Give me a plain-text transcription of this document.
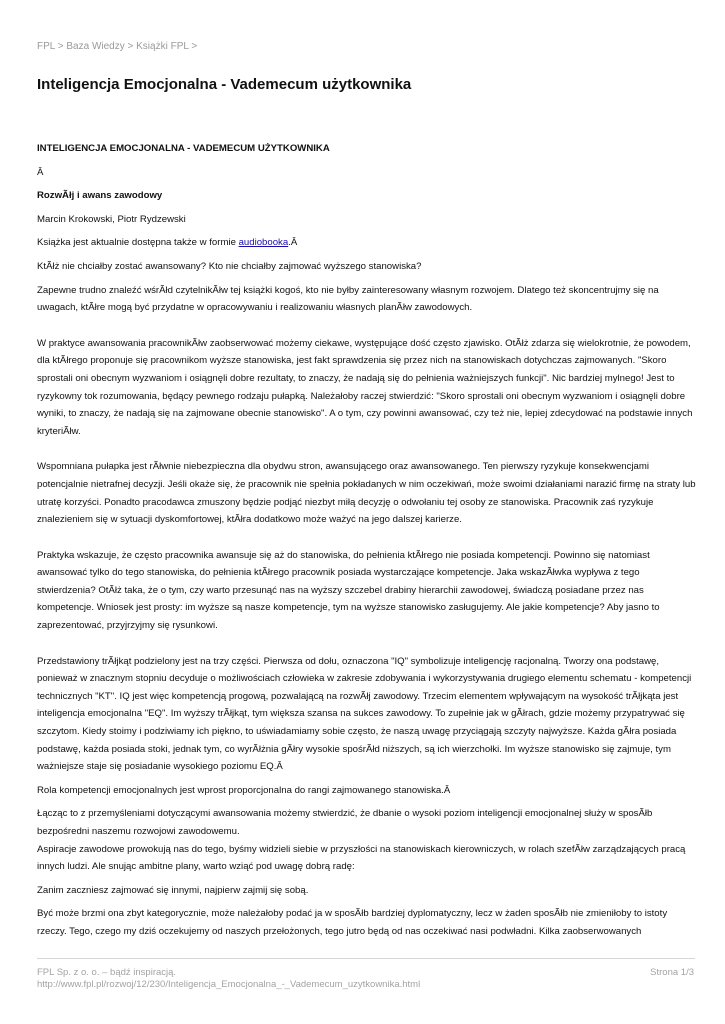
FPL > Baza Wiedzy > Książki FPL >
Inteligencja Emocjonalna - Vademecum użytkownika

INTELIGENCJA EMOCJONALNA - VADEMECUM UŻYTKOWNIKA

Â

RozwÃłj i awans zawodowy

Marcin Krokowski, Piotr Rydzewski

Książka jest aktualnie dostępna także w formie audiobooka.Â

KtÃłż nie chciałby zostać awansowany? Kto nie chciałby zajmować wyższego stanowiska?

Zapewne trudno znaleźć wśrÃłd czytelnikÃłw tej książki kogoś, kto nie byłby zainteresowany własnym rozwojem. Dlatego też skoncentrujmy się na uwagach, ktÃłre mogą być przydatne w opracowywaniu i realizowaniu własnych planÃłw zawodowych.

W praktyce awansowania pracownikÃłw zaobserwować możemy ciekawe, występujące dość często zjawisko. OtÃłż zdarza się wielokrotnie, że powodem, dla ktÃłrego proponuje się pracownikom wyższe stanowiska, jest fakt sprawdzenia się przez nich na stanowiskach dotychczas zajmowanych. "Skoro sprostali oni obecnym wyzwaniom i osiągnęli dobre rezultaty, to znaczy, że nadają się do pełnienia ważniejszych funkcji". Nic bardziej mylnego! Jest to ryzykowny tok rozumowania, będący pewnego rodzaju pułapką. Należałoby raczej stwierdzić: "Skoro sprostali oni obecnym wyzwaniom i osiągnęli dobre wyniki, to znaczy, że nadają się na zajmowane obecnie stanowisko". A o tym, czy powinni awansować, czy też nie, lepiej zdecydować na podstawie innych kryteriÃłw.

Wspomniana pułapka jest rÃłwnie niebezpieczna dla obydwu stron, awansującego oraz awansowanego. Ten pierwszy ryzykuje konsekwencjami potencjalnie nietrafnej decyzji. Jeśli okaże się, że pracownik nie spełnia pokładanych w nim oczekiwań, może swoimi działaniami narazić firmę na straty lub utratę korzyści. Ponadto pracodawca zmuszony będzie podjąć niezbyt miłą decyzję o odwołaniu tej osoby ze stanowiska. Pracownik zaś ryzykuje znalezieniem się w sytuacji dyskomfortowej, ktÃłra dodatkowo może ważyć na jego dalszej karierze.

Praktyka wskazuje, że często pracownika awansuje się aż do stanowiska, do pełnienia ktÃłrego nie posiada kompetencji. Powinno się natomiast awansować tylko do tego stanowiska, do pełnienia ktÃłrego pracownik posiada wystarczające kompetencje. Jaka wskazÃłwka wypływa z tego stwierdzenia? OtÃłż taka, że o tym, czy warto przesunąć nas na wyższy szczebel drabiny hierarchii zawodowej, świadczą posiadane przez nas kompetencje. Wniosek jest prosty: im wyższe są nasze kompetencje, tym na wyższe stanowisko zasługujemy. Ale jakie kompetencje? Aby jasno to zaprezentować, przyjrzyjmy się rysunkowi.

Przedstawiony trÃłjkąt podzielony jest na trzy części. Pierwsza od dołu, oznaczona "IQ" symbolizuje inteligencję racjonalną. Tworzy ona podstawę, ponieważ w znacznym stopniu decyduje o możliwościach człowieka w zakresie zdobywania i wykorzystywania drugiego elementu schematu - kompetencji technicznych "KT". IQ jest więc kompetencją progową, pozwalającą na rozwÃłj zawodowy. Trzecim elementem wpływającym na wysokość trÃłjkąta jest inteligencja emocjonalna "EQ". Im wyższy trÃłjkąt, tym większa szansa na sukces zawodowy. To zupełnie jak w gÃłrach, gdzie możemy przypatrywać się szczytom. Kiedy stoimy i podziwiamy ich piękno, to uświadamiamy sobie często, że naszą uwagę przyciągają szczyty najwyższe. Każda gÃłra posiada podstawę, każda posiada stoki, jednak tym, co wyrÃłżnia gÃłry wysokie spośrÃłd niższych, są ich wierzchołki. Im wyższe stanowisko się zajmuje, tym ważniejsze staje się posiadanie wysokiego poziomu EQ.Â

Rola kompetencji emocjonalnych jest wprost proporcjonalna do rangi zajmowanego stanowiska.Â

Łącząc to z przemyśleniami dotyczącymi awansowania możemy stwierdzić, że dbanie o wysoki poziom inteligencji emocjonalnej służy w sposÃłb bezpośredni naszemu rozwojowi zawodowemu.

Aspiracje zawodowe prowokują nas do tego, byśmy widzieli siebie w przyszłości na stanowiskach kierowniczych, w rolach szefÃłw zarządzających pracą innych ludzi. Ale snując ambitne plany, warto wziąć pod uwagę dobrą radę:

Zanim zaczniesz zajmować się innymi, najpierw zajmij się sobą.

Być może brzmi ona zbyt kategorycznie, może należałoby podać ja w sposÃłb bardziej dyplomatyczny, lecz w żaden sposÃłb nie zmieniłoby to istoty rzeczy. Tego, czego my dziś oczekujemy od naszych przełożonych, tego jutro będą od nas oczekiwać nasi podwładni. Kilka zaobserwowanych

FPL Sp. z o. o. – bądź inspiracją.
http://www.fpl.pl/rozwoj/12/230/Inteligencja_Emocjonalna_-_Vademecum_uzytkownika.html
Strona 1/3
